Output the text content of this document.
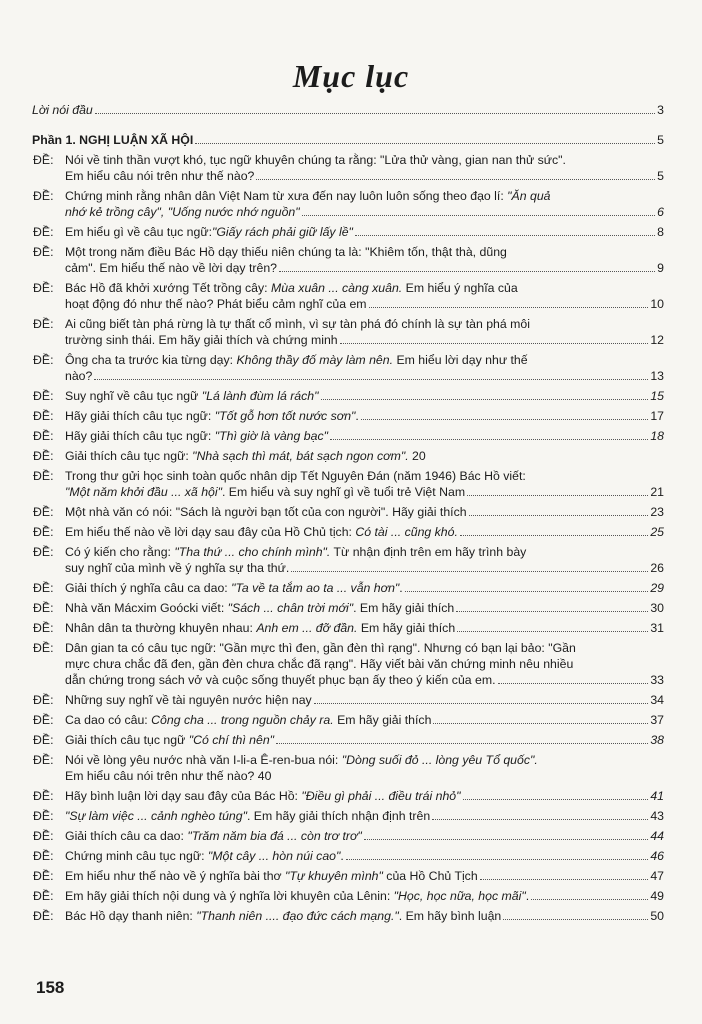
Mục lục
Lời nói đầu	3
Phần 1. NGHỊ LUẬN XÃ HỘI	5
ĐỀ: Nói về tinh thần vượt khó, tục ngữ khuyên chúng ta rằng: "Lửa thử vàng, gian nan thử sức".
Em hiểu câu nói trên như thế nào?	5
ĐỀ: Chứng minh rằng nhân dân Việt Nam từ xưa đến nay luôn luôn sống theo đạo lí: "Ăn quả
nhớ kẻ trồng cây", "Uống nước nhớ nguồn"	6
ĐỀ: Em hiểu gì về câu tục ngữ:"Giấy rách phải giữ lấy lề"	8
ĐỀ: Một trong năm điều Bác Hồ dạy thiếu niên chúng ta là: "Khiêm tốn, thật thà, dũng
cảm". Em hiểu thế nào về lời dạy trên?	9
ĐỀ: Bác Hồ đã khởi xướng Tết trồng cây: Mùa xuân ... càng xuân. Em hiểu ý nghĩa của
hoạt động đó như thế nào? Phát biểu cảm nghĩ của em	10
ĐỀ: Ai cũng biết tàn phá rừng là tự thất cổ mình, vì sự tàn phá đó chính là sự tàn phá môi
trường sinh thái. Em hãy giải thích và chứng minh	12
ĐỀ: Ông cha ta trước kia từng dạy: Không thầy đố mày làm nên. Em hiểu lời dạy như thế
nào?	13
ĐỀ: Suy nghĩ về câu tục ngữ "Lá lành đùm lá rách"	15
ĐỀ: Hãy giải thích câu tục ngữ: "Tốt gỗ hơn tốt nước sơn".	17
ĐỀ: Hãy giải thích câu tục ngữ: "Thì giờ là vàng bạc"	18
ĐỀ: Giải thích câu tục ngữ: "Nhà sạch thì mát, bát sạch ngon cơm". 20
ĐỀ: Trong thư gửi học sinh toàn quốc nhân dịp Tết Nguyên Đán (năm 1946) Bác Hồ viết:
"Một năm khởi đầu ... xã hội". Em hiểu và suy nghĩ gì về tuổi trẻ Việt Nam	21
ĐỀ: Một nhà văn có nói: "Sách là người bạn tốt của con người". Hãy giải thích	23
ĐỀ: Em hiểu thế nào về lời dạy sau đây của Hồ Chủ tịch: Có tài ... cũng khó.	25
ĐỀ: Có ý kiến cho rằng: "Tha thứ ... cho chính mình". Từ nhận định trên em hãy trình bày
suy nghĩ của mình về ý nghĩa sự tha thứ.	26
ĐỀ: Giải thích ý nghĩa câu ca dao: "Ta về ta tắm ao ta ... vẫn hơn".	29
ĐỀ: Nhà văn Mácxim Goócki viết: "Sách ... chân trời mới". Em hãy giải thích	30
ĐỀ: Nhân dân ta thường khuyên nhau: Anh em ... đỡ đần. Em hãy giải thích	31
ĐỀ: Dân gian ta có câu tục ngữ: "Gần mực thì đen, gần đèn thì rạng". Nhưng có bạn lại bảo: "Gần
mực chưa chắc đã đen, gần đèn chưa chắc đã rạng". Hãy viết bài văn chứng minh nêu nhiều
dẫn chứng trong sách vở và cuộc sống thuyết phục bạn ấy theo ý kiến của em.	33
ĐỀ: Những suy nghĩ về tài nguyên nước hiện nay	34
ĐỀ: Ca dao có câu: Công cha ... trong nguồn chảy ra. Em hãy giải thích	37
ĐỀ: Giải thích câu tục ngữ "Có chí thì nên"	38
ĐỀ: Nói về lòng yêu nước nhà văn I-li-a Ê-ren-bua nói: "Dòng suối đỏ ... lòng yêu Tổ quốc".
Em hiểu câu nói trên như thế nào? 40
ĐỀ: Hãy bình luận lời dạy sau đây của Bác Hồ: "Điều gì phải ... điều trái nhỏ"	41
ĐỀ: "Sự làm việc ... cảnh nghèo túng". Em hãy giải thích nhận định trên	43
ĐỀ: Giải thích câu ca dao: "Trăm năm bia đá ... còn trơ trơ"	44
ĐỀ: Chứng minh câu tục ngữ: "Một cây ... hòn núi cao".	46
ĐỀ: Em hiểu như thế nào về ý nghĩa bài thơ "Tự khuyên mình" của Hồ Chủ Tịch	47
ĐỀ: Em hãy giải thích nội dung và ý nghĩa lời khuyên của Lênin: "Học, học nữa, học mãi".	49
ĐỀ: Bác Hồ dạy thanh niên: "Thanh niên .... đạo đức cách mạng.". Em hãy bình luận	50
158
